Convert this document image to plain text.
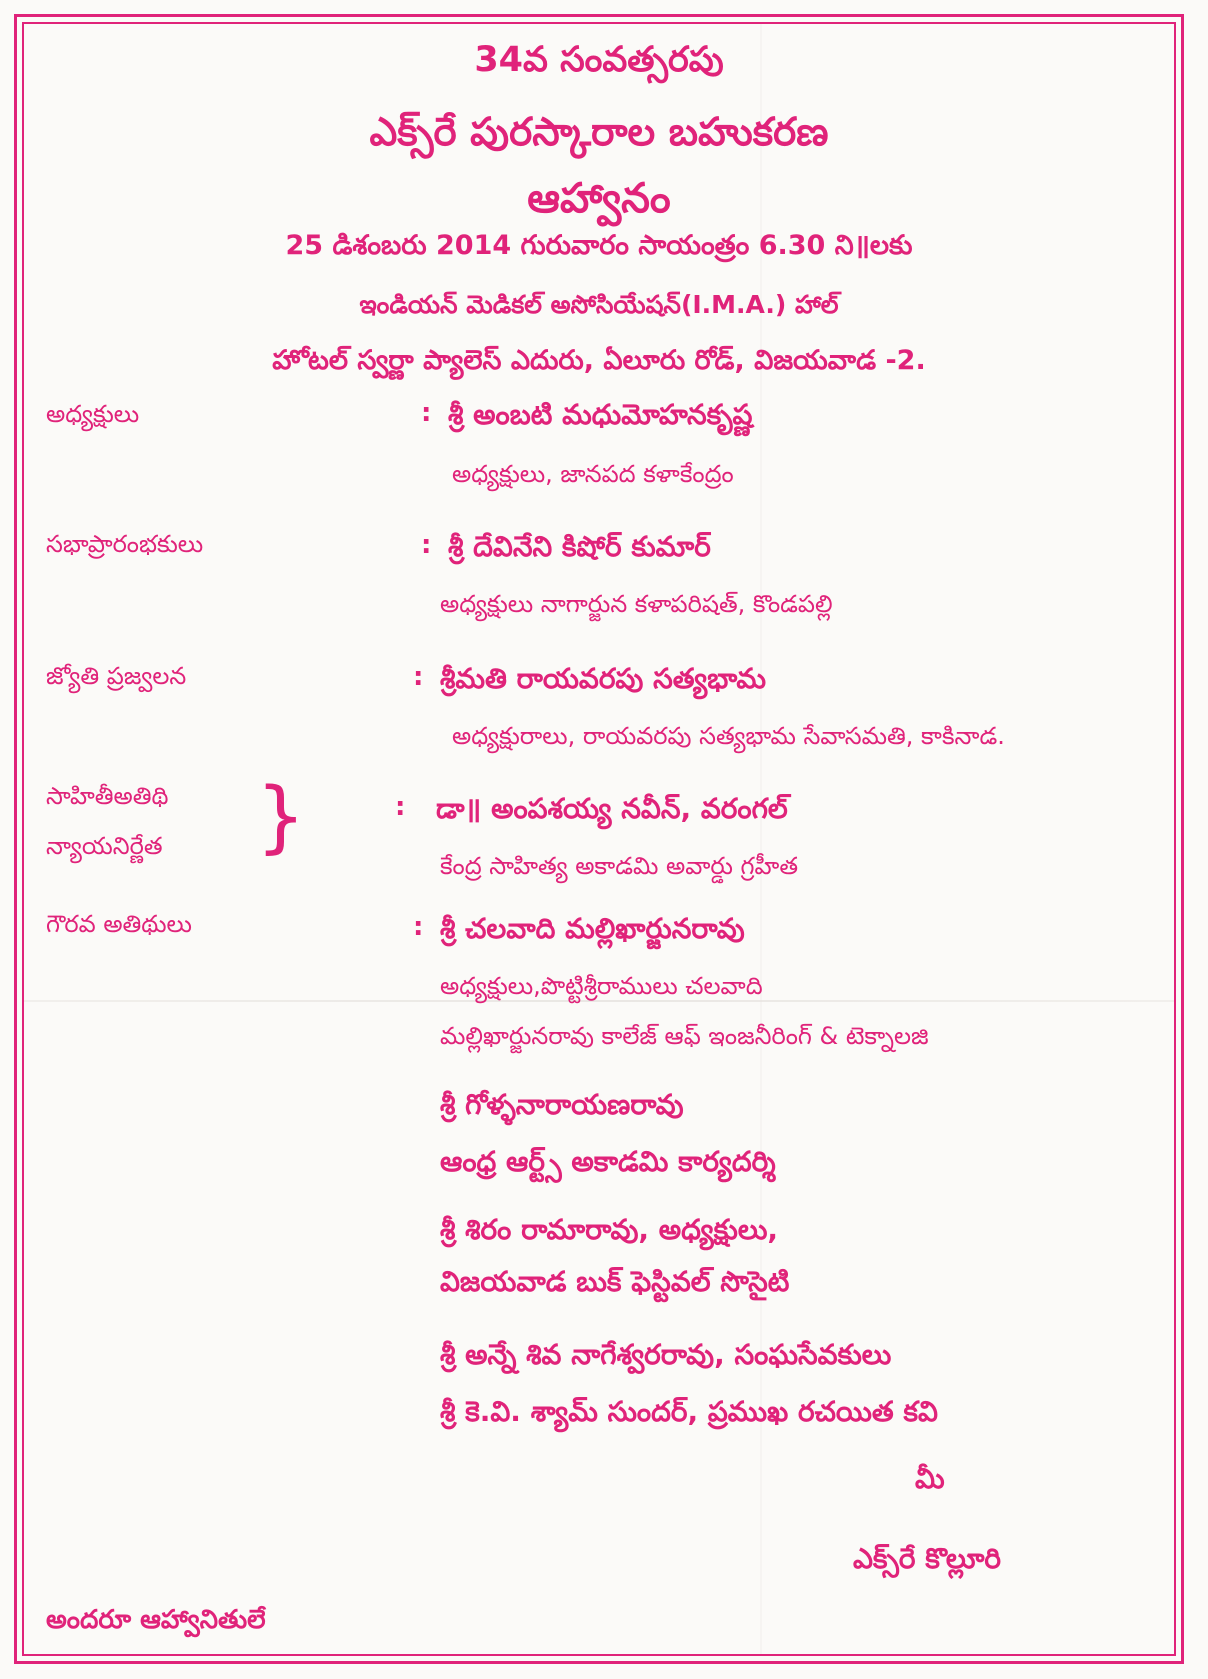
34వ సంవత్సరపు
ఎక్స్‌రే పురస్కారాల బహుకరణ
ఆహ్వానం
25 డిశంబరు 2014 గురువారం సాయంత్రం 6.30 ని॥లకు
ఇండియన్ మెడికల్ అసోసియేషన్(I.M.A.) హాల్
హోటల్ స్వర్ణా ప్యాలెస్ ఎదురు, ఏలూరు రోడ్, విజయవాడ -2.
అధ్యక్షులు	: శ్రీ అంబటి మధుమోహనకృష్ణ
అధ్యక్షులు, జానపద కళాకేంద్రం
సభాప్రారంభకులు	: శ్రీ దేవినేని కిషోర్ కుమార్
అధ్యక్షులు నాగార్జున కళాపరిషత్, కొండపల్లి
జ్యోతి ప్రజ్వలన	: శ్రీమతి రాయవరపు సత్యభామ
అధ్యక్షురాలు, రాయవరపు సత్యభామ సేవాసమతి, కాకినాడ.
సాహితీఅతిథి
న్యాయనిర్ణేత }	: డా॥ అంపశయ్య నవీన్, వరంగల్
కేంద్ర సాహిత్య అకాడమి అవార్డు గ్రహీత
గౌరవ అతిథులు	: శ్రీ చలవాది మల్లిఖార్జునరావు
అధ్యక్షులు,పొట్టిశ్రీరాములు చలవాది
మల్లిఖార్జునరావు కాలేజ్ ఆఫ్ ఇంజనీరింగ్ & టెక్నాలజి
శ్రీ గోళ్ళనారాయణరావు
ఆంధ్ర ఆర్ట్స్ అకాడమి కార్యదర్శి
శ్రీ శిరం రామారావు, అధ్యక్షులు,
విజయవాడ బుక్ ఫెస్టివల్ సొసైటి
శ్రీ అన్నే శివ నాగేశ్వరరావు, సంఘసేవకులు
శ్రీ కె.వి. శ్యామ్ సుందర్, ప్రముఖ రచయిత కవి
మీ
ఎక్స్‌రే కొల్లూరి
అందరూ ఆహ్వానితులే
